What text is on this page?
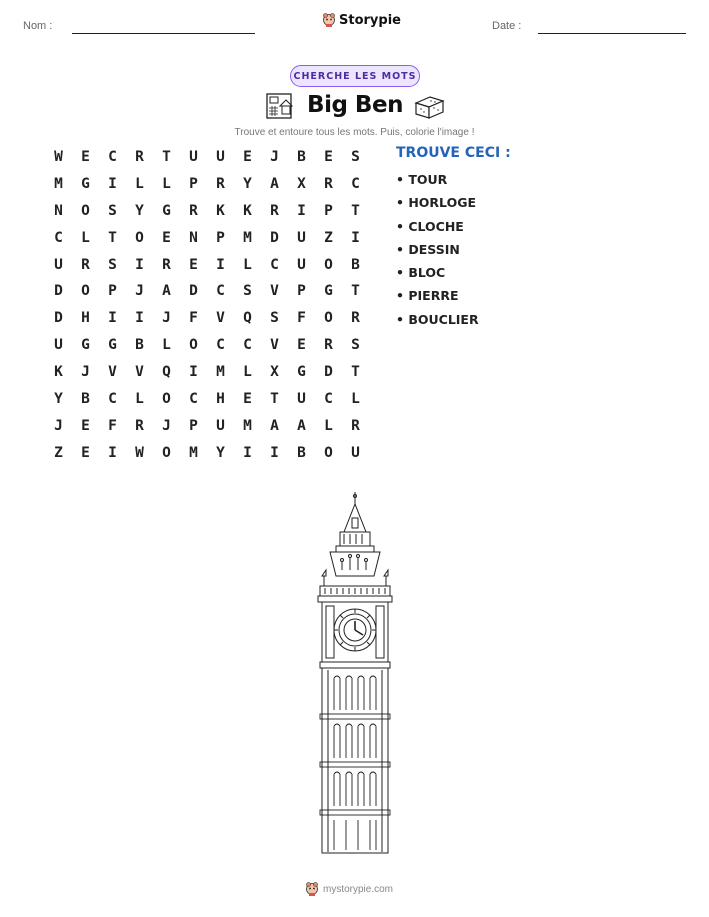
Nom :	Storypie	Date :
CHERCHE LES MOTS
Big Ben
Trouve et entoure tous les mots. Puis, colorie l'image !
W	E	C	R	T	U	U	E	J	B	E	S
M	G	I	L	L	P	R	Y	A	X	R	C
N	O	S	Y	G	R	K	K	R	I	P	T
C	L	T	O	E	N	P	M	D	U	Z	I
U	R	S	I	R	E	I	L	C	U	O	B
D	O	P	J	A	D	C	S	V	P	G	T
D	H	I	I	J	F	V	Q	S	F	O	R
U	G	G	B	L	O	C	C	V	E	R	S
K	J	V	V	Q	I	M	L	X	G	D	T
Y	B	C	L	O	C	H	E	T	U	C	L
J	E	F	R	J	P	U	M	A	A	L	R
Z	E	I	W	O	M	Y	I	I	B	O	U
TROUVE CECI :
• TOUR
• HORLOGE
• CLOCHE
• DESSIN
• BLOC
• PIERRE
• BOUCLIER
mystorypie.com
